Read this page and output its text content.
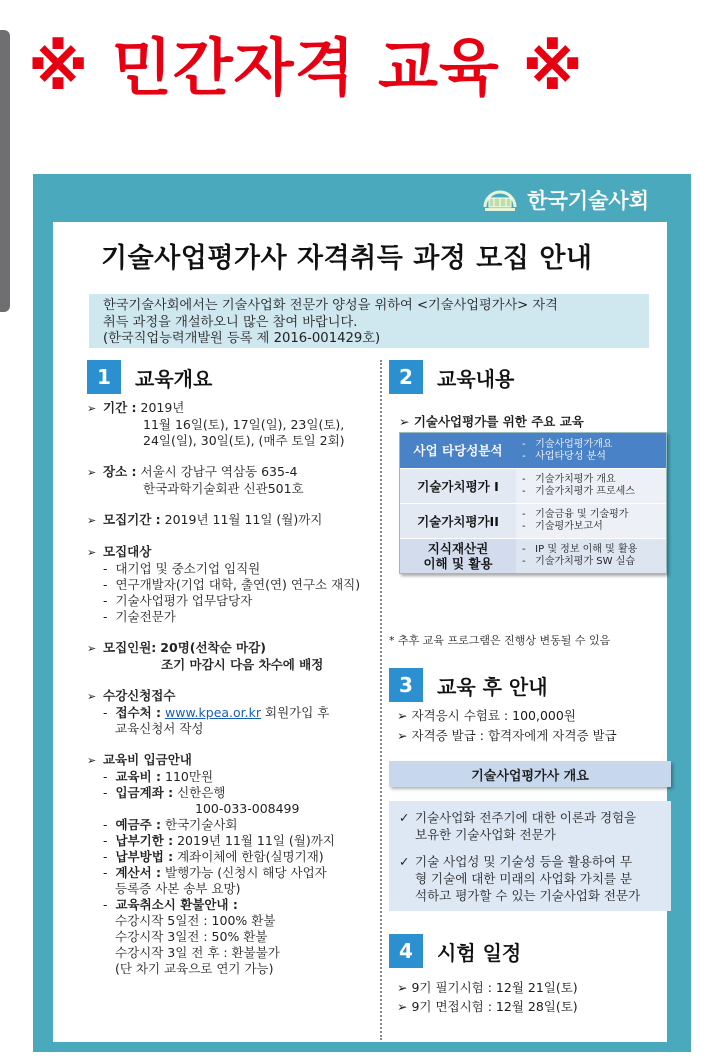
※ 민간자격 교육 ※
한국기술사회
기술사업평가사 자격취득 과정 모집 안내
한국기술사회에서는 기술사업화 전문가 양성을 위하여 <기술사업평가사> 자격
취득 과정을 개설하오니 많은 참여 바랍니다.
(한국직업능력개발원 등록 제 2016-001429호)
1	교육개요
➢ 기간 : 2019년
11월 16일(토), 17일(일), 23일(토),
24일(일), 30일(토), (매주 토일 2회)
➢ 장소 : 서울시 강남구 역삼동 635-4
한국과학기술회관 신관501호
➢ 모집기간 : 2019년 11월 11일 (월)까지
➢ 모집대상
-  대기업 및 중소기업 임직원
-  연구개발자(기업 대학, 출연(연) 연구소 재직)
-  기술사업평가 업무담당자
-  기술전문가
➢ 모집인원: 20명(선착순 마감)
조기 마감시 다음 차수에 배정
➢ 수강신청접수
-  접수처 : www.kpea.or.kr 회원가입 후
교육신청서 작성
➢ 교육비 입금안내
-  교육비 : 110만원
-  입금계좌 : 신한은행
100-033-008499
-  예금주 : 한국기술사회
-  납부기한 : 2019년 11월 11일 (월)까지
-  납부방법 : 계좌이체에 한함(실명기재)
-  계산서 : 발행가능 (신청시 해당 사업자
등록증 사본 송부 요망)
-  교육취소시 환불안내 :
수강시작 5일전 : 100% 환불
수강시작 3일전 : 50% 환불
수강시작 3일 전 후 : 환불불가
(단 차기 교육으로 연기 가능)
2	교육내용
➢ 기술사업평가를 위한 주요 교육
사업 타당성분석	-   기술사업평가개요
-   사업타당성 분석
기술가치평가 I	-   기술가치평가 개요
-   기술가치평가 프로세스
기술가치평가II	-   기술금융 및 기술평가
-   기술평가보고서
지식재산권
이해 및 활용
-   IP 및 정보 이해 및 활용
-   기술가치평가 SW 실습
* 추후 교육 프로그램은 진행상 변동될 수 있음
3	교육 후 안내
➢ 자격응시 수험료 : 100,000원
➢ 자격증 발급 : 합격자에게 자격증 발급
기술사업평가사 개요
✓ 기술사업화 전주기에 대한 이론과 경험을
보유한 기술사업화 전문가
✓ 기술 사업성 및 기술성 등을 활용하여 무
형 기술에 대한 미래의 사업화 가치를 분
석하고 평가할 수 있는 기술사업화 전문가
4	시험 일정
➢ 9기 필기시험 : 12월 21일(토)
➢ 9기 면접시험 : 12월 28일(토)
